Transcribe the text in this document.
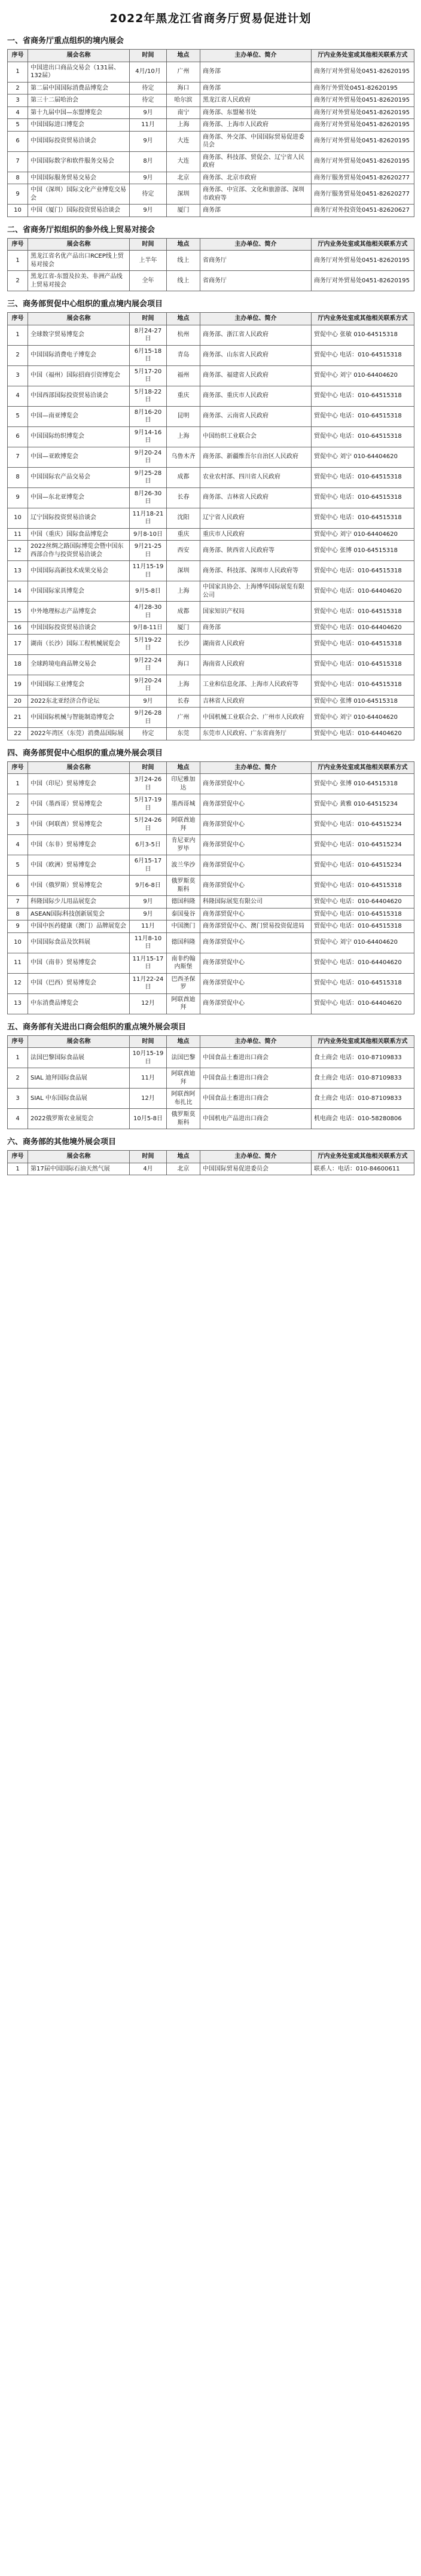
2022年黑龙江省商务厅贸易促进计划
一、省商务厅重点组织的境内展会
序号	展会名称	时间	地点	主办单位、简介	厅内业务处室或其他相关联系方式
1	中国进出口商品交易会（131届、132届）	4月/10月	广州	商务部	商务厅对外贸易处0451-82620195
2	第二届中国国际消费品博览会	待定	海口	商务部	商务厅外贸处0451-82620195
3	第三十二届哈治会	待定	哈尔滨	黑龙江省人民政府	商务厅对外贸易处0451-82620195
4	第十九届中国—东盟博览会	9月	南宁	商务部、东盟秘书处	商务厅对外贸易处0451-82620195
5	中国国际进口博览会	11月	上海	商务部、上海市人民政府	商务厅对外贸易处0451-82620195
6	中国国际投资贸易洽谈会	9月	大连	商务部、外交部、中国国际贸易促进委员会	商务厅对外贸易处0451-82620195
7	中国国际数字和软件服务交易会	8月	大连	商务部、科技部、贸促会、辽宁省人民政府	商务厅对外贸易处0451-82620195
8	中国国际服务贸易交易会	9月	北京	商务部、北京市政府	商务厅服务贸易处0451-82620277
9	中国（深圳）国际文化产业博览交易会	待定	深圳	商务部、中宣部、文化和旅游部、深圳市政府等	商务厅服务贸易处0451-82620277
10	中国（厦门）国际投资贸易洽谈会	9月	厦门	商务部	商务厅对外投资处0451-82620627
二、省商务厅拟组织的参外线上贸易对接会
序号	展会名称	时间	地点	主办单位、简介	厅内业务处室或其他相关联系方式
1	黑龙江省名优产品出口RCEP线上贸易对接会	上半年	线上	省商务厅	商务厅对外贸易处0451-82620195
2	黑龙江省-东盟及拉美、非洲产品线上贸易对接会	全年	线上	省商务厅	商务厅对外贸易处0451-82620195
三、商务部贸促中心组织的重点境内展会项目
序号	展会名称	时间	地点	主办单位、简介	厅内业务处室或其他相关联系方式
1	全球数字贸易博览会	8月24-27日	杭州	商务部、浙江省人民政府	贸促中心 张敏 010-64515318
2	中国国际消费电子博览会	6月15-18日	青岛	商务部、山东省人民政府	贸促中心 电话：010-64515318
3	中国（福州）国际招商引资博览会	5月17-20日	福州	商务部、福建省人民政府	贸促中心 刘宁 010-64404620
4	中国西部国际投资贸易洽谈会	5月18-22日	重庆	商务部、重庆市人民政府	贸促中心 电话：010-64515318
5	中国—南亚博览会	8月16-20日	昆明	商务部、云南省人民政府	贸促中心 电话：010-64515318
6	中国国际纺织博览会	9月14-16日	上海	中国纺织工业联合会	贸促中心 电话：010-64515318
7	中国—亚欧博览会	9月20-24日	乌鲁木齐	商务部、新疆维吾尔自治区人民政府	贸促中心 刘宁 010-64404620
8	中国国际农产品交易会	9月25-28日	成都	农业农村部、四川省人民政府	贸促中心 电话：010-64515318
9	中国—东北亚博览会	8月26-30日	长春	商务部、吉林省人民政府	贸促中心 电话：010-64515318
10	辽宁国际投资贸易洽谈会	11月18-21日	沈阳	辽宁省人民政府	贸促中心 电话：010-64515318
11	中国（重庆）国际食品博览会	9月8-10日	重庆	重庆市人民政府	贸促中心 刘宁 010-64404620
12	2022丝绸之路国际博览会暨中国东西部合作与投资贸易洽谈会	9月21-25日	西安	商务部、陕西省人民政府等	贸促中心 张博 010-64515318
13	中国国际高新技术成果交易会	11月15-19日	深圳	商务部、科技部、深圳市人民政府等	贸促中心 电话：010-64515318
14	中国国际家具博览会	9月5-8日	上海	中国家具协会、上海博华国际展览有限公司	贸促中心 电话：010-64404620
15	中外地理标志产品博览会	4月28-30日	成都	国家知识产权局	贸促中心 电话：010-64515318
16	中国国际投资贸易洽谈会	9月8-11日	厦门	商务部	贸促中心 电话：010-64404620
17	湖南（长沙）国际工程机械展览会	5月19-22日	长沙	湖南省人民政府	贸促中心 电话：010-64515318
18	全球跨境电商品牌交易会	9月22-24日	海口	海南省人民政府	贸促中心 电话：010-64515318
19	中国国际工业博览会	9月20-24日	上海	工业和信息化部、上海市人民政府等	贸促中心 电话：010-64515318
20	2022东北亚经济合作论坛	9月	长春	吉林省人民政府	贸促中心 张博 010-64515318
21	中国国际机械与智能制造博览会	9月26-28日	广州	中国机械工业联合会、广州市人民政府	贸促中心 刘宁 010-64404620
22	2022年湾区（东莞）消费品国际展	待定	东莞	东莞市人民政府、广东省商务厅	贸促中心 电话：010-64404620
四、商务部贸促中心组织的重点境外展会项目
序号	展会名称	时间	地点	主办单位、简介	厅内业务处室或其他相关联系方式
1	中国（印尼）贸易博览会	3月24-26日	印尼雅加达	商务部贸促中心	贸促中心 张博 010-64515318
2	中国（墨西哥）贸易博览会	5月17-19日	墨西哥城	商务部贸促中心	贸促中心 黄雅 010-64515234
3	中国（阿联酋）贸易博览会	5月24-26日	阿联酋迪拜	商务部贸促中心	贸促中心 电话：010-64515234
4	中国（东非）贸易博览会	6月3-5日	肯尼亚内罗毕	商务部贸促中心	贸促中心 电话：010-64515234
5	中国（欧洲）贸易博览会	6月15-17日	波兰华沙	商务部贸促中心	贸促中心 电话：010-64515234
6	中国（俄罗斯）贸易博览会	9月6-8日	俄罗斯莫斯科	商务部贸促中心	贸促中心 电话：010-64515318
7	科隆国际少儿用品展览会	9月	德国科隆	科隆国际展览有限公司	贸促中心 电话：010-64404620
8	ASEAN国际科技创新展览会	9月	泰国曼谷	商务部贸促中心	贸促中心 电话：010-64515318
9	中国中医药健康（澳门）品牌展览会	11月	中国澳门	商务部贸促中心、澳门贸易投资促进局	贸促中心 电话：010-64515318
10	中国国际食品及饮料展	11月8-10日	德国科隆	商务部贸促中心	贸促中心 刘宁 010-64404620
11	中国（南非）贸易博览会	11月15-17日	南非约翰内斯堡	商务部贸促中心	贸促中心 电话：010-64404620
12	中国（巴西）贸易博览会	11月22-24日	巴西圣保罗	商务部贸促中心	贸促中心 电话：010-64515318
13	中东消费品博览会	12月	阿联酋迪拜	商务部贸促中心	贸促中心 电话：010-64404620
五、商务部有关进出口商会组织的重点境外展会项目
序号	展会名称	时间	地点	主办单位、简介	厅内业务处室或其他相关联系方式
1	法国巴黎国际食品展	10月15-19日	法国巴黎	中国食品土畜进出口商会	食土商会 电话：010-87109833
2	SIAL 迪拜国际食品展	11月	阿联酋迪拜	中国食品土畜进出口商会	食土商会 电话：010-87109833
3	SIAL 中东国际食品展	12月	阿联酋阿布扎比	中国食品土畜进出口商会	食土商会 电话：010-87109833
4	2022俄罗斯农业展览会	10月5-8日	俄罗斯莫斯科	中国机电产品进出口商会	机电商会 电话：010-58280806
六、商务部的其他境外展会项目
序号	展会名称	时间	地点	主办单位、简介	厅内业务处室或其他相关联系方式
1	第17届中国国际石油天然气展	4月	北京	中国国际贸易促进委员会	联系人：电话：010-84600611
